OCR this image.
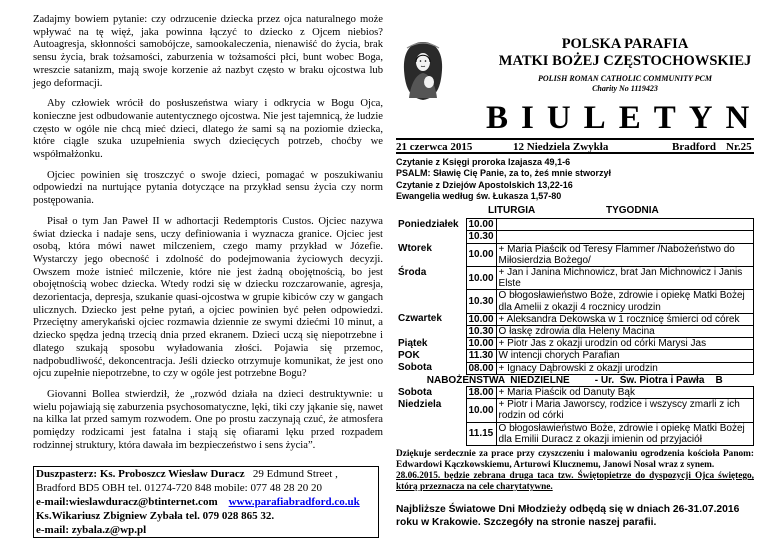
Zadajmy bowiem pytanie: czy odrzucenie dziecka przez ojca naturalnego może wpływać na tę więź, jaka powinna łączyć to dziecko z Ojcem niebios? Autoagresja, skłonności samobójcze, samookaleczenia, nienawiść do życia, brak sensu życia, brak tożsamości, zaburzenia w tożsamości płci, bunt wobec Boga, wreszcie satanizm, mają swoje korzenie aż nazbyt często w braku ojcostwa lub jego deformacji.

Aby człowiek wrócił do posłuszeństwa wiary i odkrycia w Bogu Ojca, konieczne jest odbudowanie autentycznego ojcostwa. Nie jest tajemnicą, że ludzie często w ogóle nie chcą mieć dzieci, dlatego że sami są na poziomie dziecka, które ciągle szuka uzupełnienia swych dziecięcych potrzeb, choćby we współmałżonku.

Ojciec powinien się troszczyć o swoje dzieci, pomagać w poszukiwaniu odpowiedzi na nurtujące pytania dotyczące na przykład sensu życia czy norm postępowania.

Pisał o tym Jan Paweł II w adhortacji Redemptoris Custos. Ojciec nazywa świat dziecka i nadaje sens, uczy definiowania i wyznacza granice. Ojciec jest osobą, która mówi nawet milczeniem, czego mamy przykład w Józefie. Wystarczy jego obecność i zdolność do podejmowania życiowych decyzji. Owszem może istnieć milczenie, które nie jest żadną obojętnością, bo jest obojętnością wobec dziecka. Wtedy rodzi się w dziecku rozczarowanie, agresja, dezorientacja, depresja, szukanie quasi-ojcostwa w grupie kibiców czy w gangach ulicznych. Dziecko jest pełne pytań, a ojciec powinien być pełen odpowiedzi. Przeciętny amerykański ojciec rozmawia dziennie ze swymi dziećmi 10 minut, a dziecko spędza jedną trzecią dnia przed ekranem. Dzieci uczą się niepotrzebne i dlatego szukają sposobu wyładowania złości. Pojawia się przemoc, nadpobudliwość, dekoncentracja. Jeśli dziecko otrzymuje komunikat, że jest ono ojcu zupełnie niepotrzebne, to czy w ogóle jest potrzebne Bogu?

Giovanni Bollea stwierdził, że „rozwód działa na dzieci destruktywnie: u wielu pojawiają się zaburzenia psychosomatyczne, lęki, tiki czy jąkanie się, nawet na kilka lat przed samym rozwodem. One po prostu zaczynają czuć, że atmosfera pomiędzy rodzicami jest fatalna i stają się ofiarami lęku przed rozpadem rodzinnej struktury, która dawała im bezpieczeństwo i sens życia”.

Duszpasterz: Ks. Proboszcz Wiesław Duracz 29 Edmund Street ,
Bradford BD5 OBH tel. 01274-720 848 mobile: 077 48 28 20 20
e-mail:wieslawduracz@btinternet.com www.parafiabradford.co.uk
Ks.Wikariusz Zbigniew Zybała tel. 079 028 865 32.
e-mail: zybala.z@wp.pl
POLSKA PARAFIA
MATKI BOŻEJ CZĘSTOCHOWSKIEJ
POLISH ROMAN CATHOLIC COMMUNITY PCM
Charity No 1119423
BIULETYN
21 czerwca 2015	12 Niedziela Zwykła	Bradford Nr.25
Czytanie z Księgi proroka Izajasza 49,1-6
PSALM: Sławię Cię Panie, za to, żeś mnie stworzył
Czytanie z Dziejów Apostolskich 13,22-16
Ewangelia według św. Łukasza 1,57-80
LITURGIA	TYGODNIA
Poniedziałek	10.00	
	10.30	
Wtorek	10.00	+ Maria Piaścik od Teresy Flammer /Nabożeństwo do Miłosierdzia Bożego/
Środa	10.00	+ Jan i Janina Michnowicz, brat Jan Michnowicz i Janis Elste
	10.30	O błogosławieństwo Boże, zdrowie i opiekę Matki Bożej dla Amelii z okazji 4 rocznicy urodzin
Czwartek	10.00	+ Aleksandra Dekowska w 1 rocznicę śmierci od córek
	10.30	O łaskę zdrowia dla Heleny Macina
Piątek	10.00	+ Piotr Jas z okazji urodzin od córki Marysi Jas
POK	11.30	W intencji chorych Parafian
Sobota	08.00	+ Ignacy Dąbrowski z okazji urodzin
NABOŻEŃSTWA  NIEDZIELNE         - Ur.  Św. Piotra i Pawła    B		
Sobota	18.00	+ Maria Piaścik od Danuty Bąk
Niedziela	10.00	+ Piotr i Maria Jaworscy, rodzice i wszyscy zmarli z ich rodzin od córki
	11.15	O błogosławieństwo Boże, zdrowie i opiekę Matki Bożej dla Emilii Duracz z okazji imienin od przyjaciół
Dziękuje serdecznie za prace przy czyszczeniu i malowaniu ogrodzenia kościoła Panom: Edwardowi Kączkowskiemu, Arturowi Klucznemu, Janowi Nosal wraz z synem.
28.06.2015. będzie zebrana druga taca tzw. Świętopietrze do dyspozycji Ojca świętego, którą przeznacza na cele charytatywne.
Najbliższe Światowe Dni Młodzieży odbędą się w dniach 26-31.07.2016 roku w Krakowie. Szczegóły na stronie naszej parafii.
